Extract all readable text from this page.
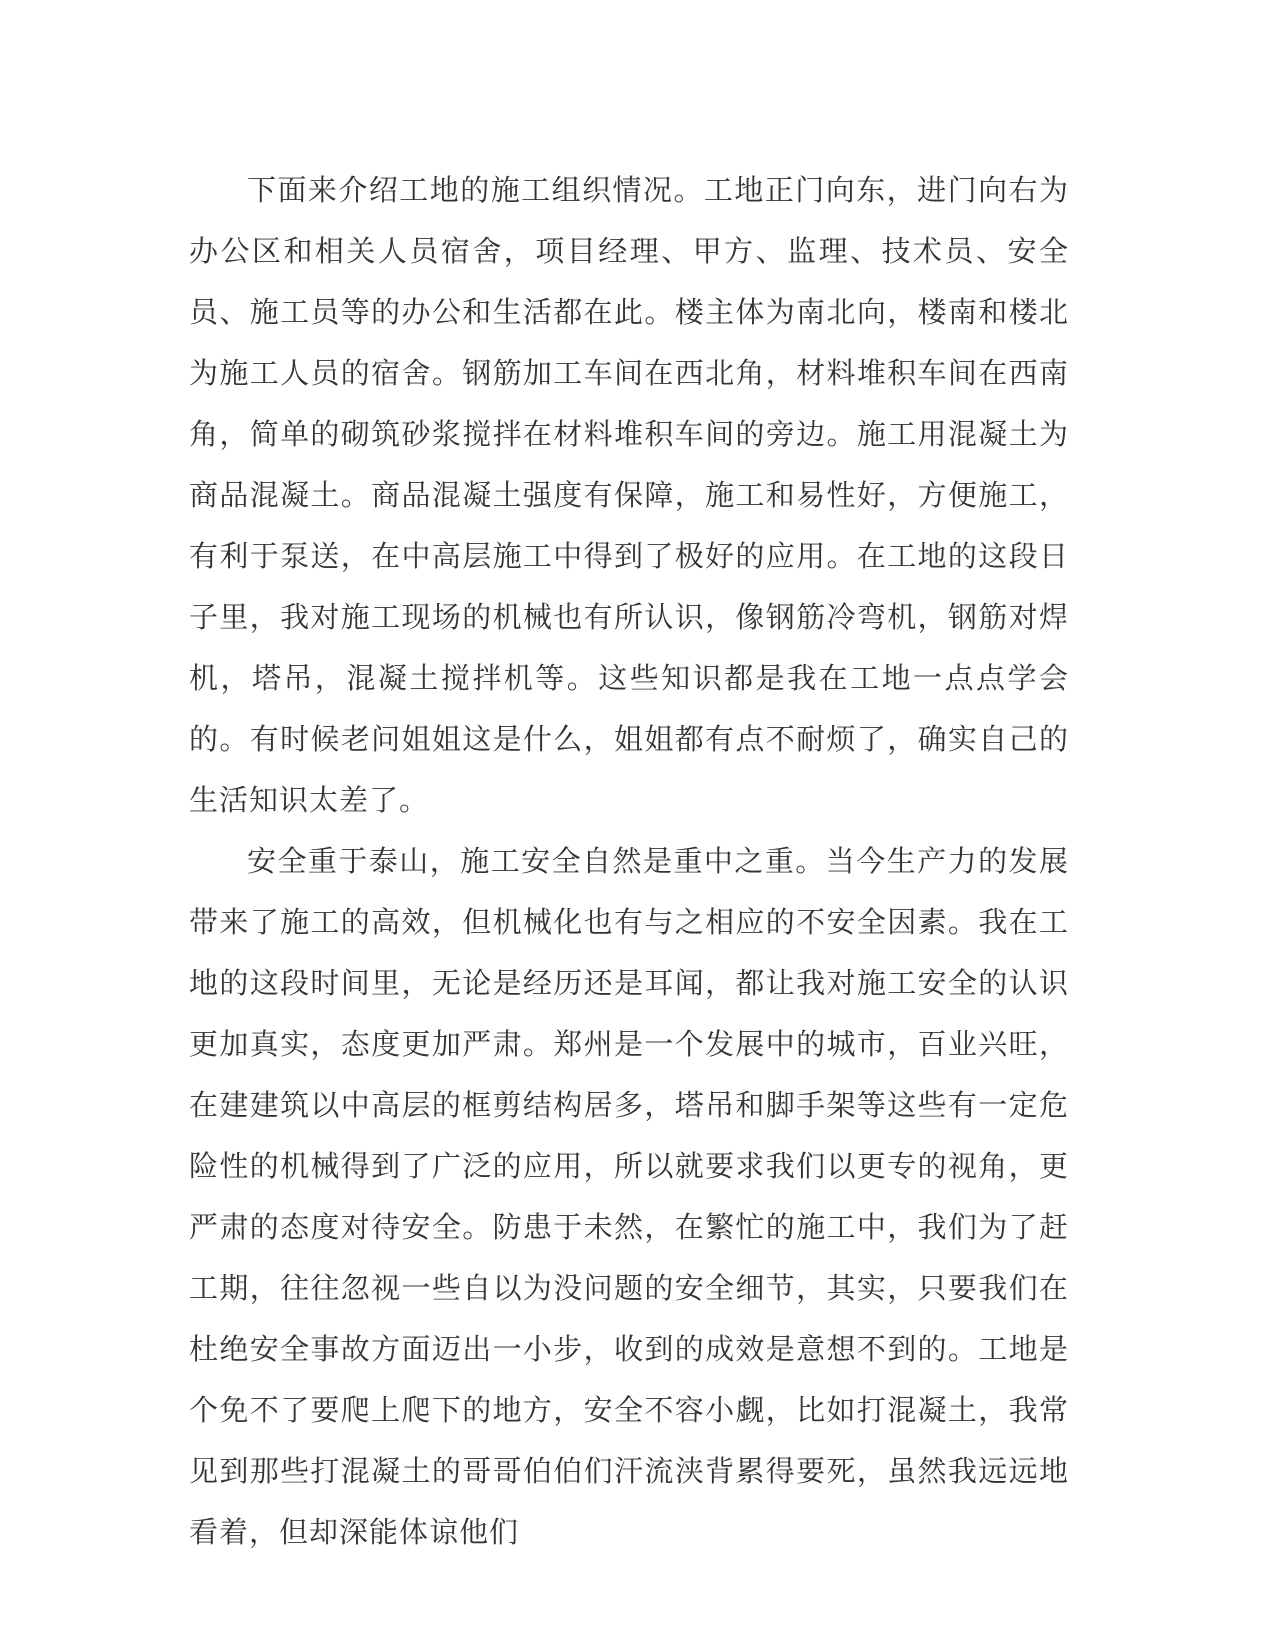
下面来介绍工地的施工组织情况。工地正门向东，进门向右为办公区和相关人员宿舍，项目经理、甲方、监理、技术员、安全员、施工员等的办公和生活都在此。楼主体为南北向，楼南和楼北为施工人员的宿舍。钢筋加工车间在西北角，材料堆积车间在西南角，简单的砌筑砂浆搅拌在材料堆积车间的旁边。施工用混凝土为商品混凝土。商品混凝土强度有保障，施工和易性好，方便施工，有利于泵送，在中高层施工中得到了极好的应用。在工地的这段日子里，我对施工现场的机械也有所认识，像钢筋冷弯机，钢筋对焊机，塔吊，混凝土搅拌机等。这些知识都是我在工地一点点学会的。有时候老问姐姐这是什么，姐姐都有点不耐烦了，确实自己的生活知识太差了。

安全重于泰山，施工安全自然是重中之重。当今生产力的发展带来了施工的高效，但机械化也有与之相应的不安全因素。我在工地的这段时间里，无论是经历还是耳闻，都让我对施工安全的认识更加真实，态度更加严肃。郑州是一个发展中的城市，百业兴旺，在建建筑以中高层的框剪结构居多，塔吊和脚手架等这些有一定危险性的机械得到了广泛的应用，所以就要求我们以更专的视角，更严肃的态度对待安全。防患于未然，在繁忙的施工中，我们为了赶工期，往往忽视一些自以为没问题的安全细节，其实，只要我们在杜绝安全事故方面迈出一小步，收到的成效是意想不到的。工地是个免不了要爬上爬下的地方，安全不容小觑，比如打混凝土，我常见到那些打混凝土的哥哥伯伯们汗流浃背累得要死，虽然我远远地看着，但却深能体谅他们
